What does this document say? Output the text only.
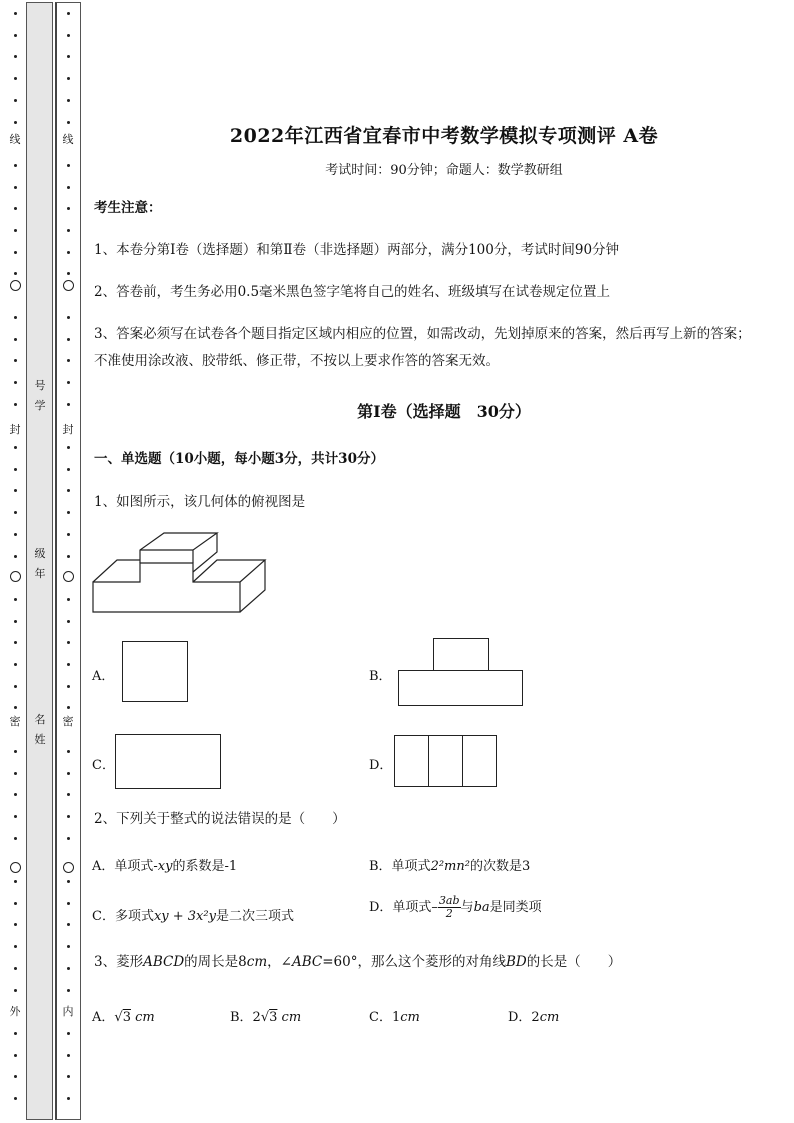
线
封
密
外
号
学
级
年
名
姓
线
封
密
内
2022年江西省宜春市中考数学模拟专项测评 A卷
考试时间：90分钟；命题人：数学教研组
考生注意：
1、本卷分第I卷（选择题）和第Ⅱ卷（非选择题）两部分，满分100分，考试时间90分钟
2、答卷前，考生务必用0.5毫米黑色签字笔将自己的姓名、班级填写在试卷规定位置上
3、答案必须写在试卷各个题目指定区域内相应的位置，如需改动，先划掉原来的答案，然后再写上新的答案；不准使用涂改液、胶带纸、修正带，不按以上要求作答的答案无效。
第I卷（选择题　30分）
一、单选题（10小题，每小题3分，共计30分）
1、如图所示，该几何体的俯视图是
A．	B．
C．	D．
2、下列关于整式的说法错误的是（　　）
A．单项式-xy的系数是-1	B．单项式2²mn²的次数是3
C．多项式xy + 3x²y是二次三项式
D．单项式– $\frac{3ab}{2}$ 与ba是同类项
3、菱形ABCD的周长是8cm，∠ABC=60°，那么这个菱形的对角线BD的长是（　　）
A．√3 cm	B．2√3 cm	C．1cm	D．2cm
